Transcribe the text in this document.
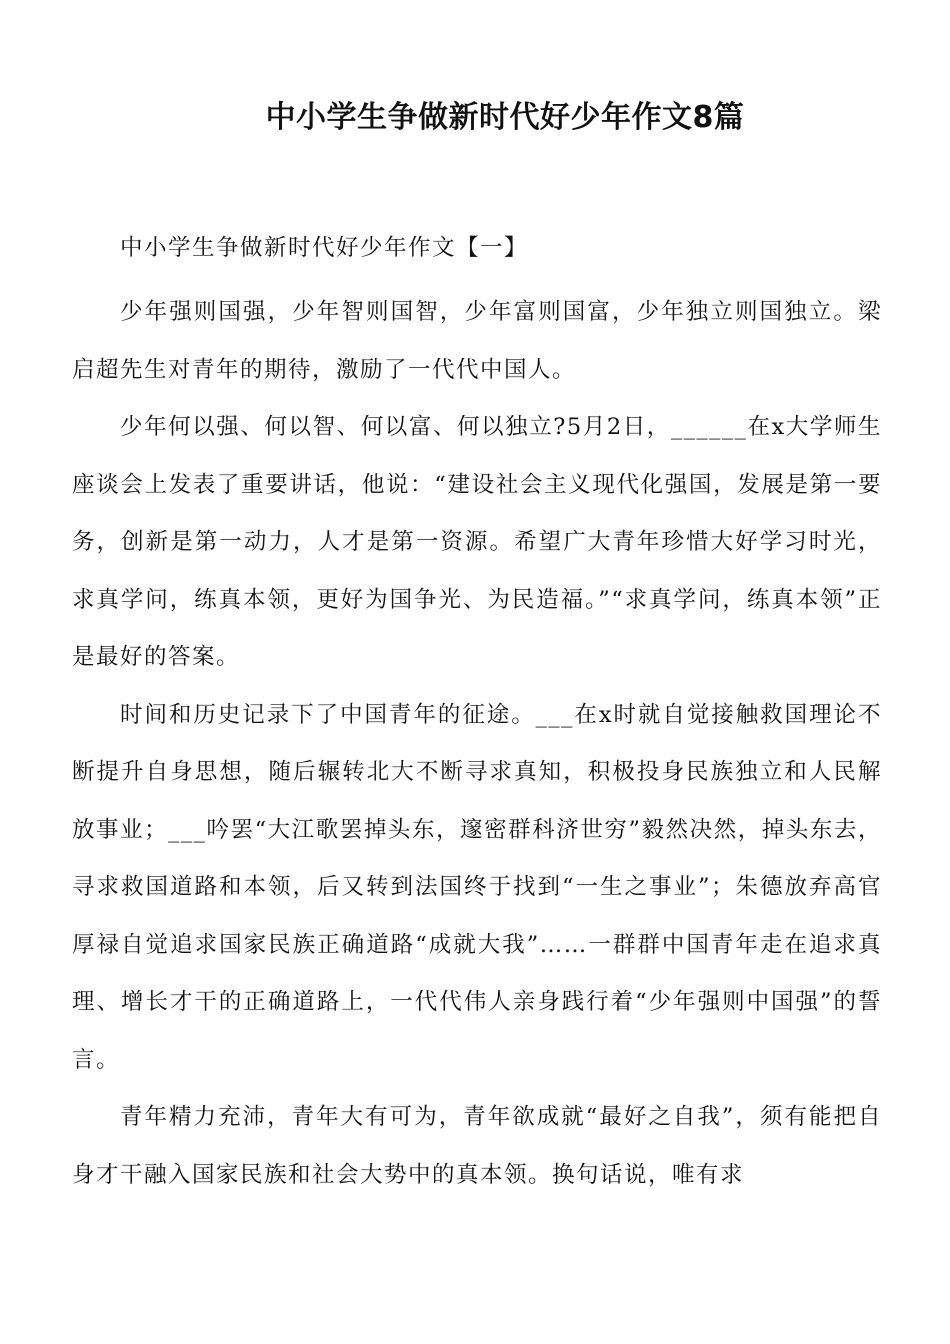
中小学生争做新时代好少年作文8篇

中小学生争做新时代好少年作文【一】

少年强则国强，少年智则国智，少年富则国富，少年独立则国独立。梁启超先生对青年的期待，激励了一代代中国人。

少年何以强、何以智、何以富、何以独立?5月2日，______在x大学师生座谈会上发表了重要讲话，他说：“建设社会主义现代化强国，发展是第一要务，创新是第一动力，人才是第一资源。希望广大青年珍惜大好学习时光，求真学问，练真本领，更好为国争光、为民造福。”“求真学问，练真本领”正是最好的答案。

时间和历史记录下了中国青年的征途。___在x时就自觉接触救国理论不断提升自身思想，随后辗转北大不断寻求真知，积极投身民族独立和人民解放事业；___吟罢“大江歌罢掉头东，邃密群科济世穷”毅然决然，掉头东去，寻求救国道路和本领，后又转到法国终于找到“一生之事业”；朱德放弃高官厚禄自觉追求国家民族正确道路“成就大我”……一群群中国青年走在追求真理、增长才干的正确道路上，一代代伟人亲身践行着“少年强则中国强”的誓言。

青年精力充沛，青年大有可为，青年欲成就“最好之自我”，须有能把自身才干融入国家民族和社会大势中的真本领。换句话说，唯有求
